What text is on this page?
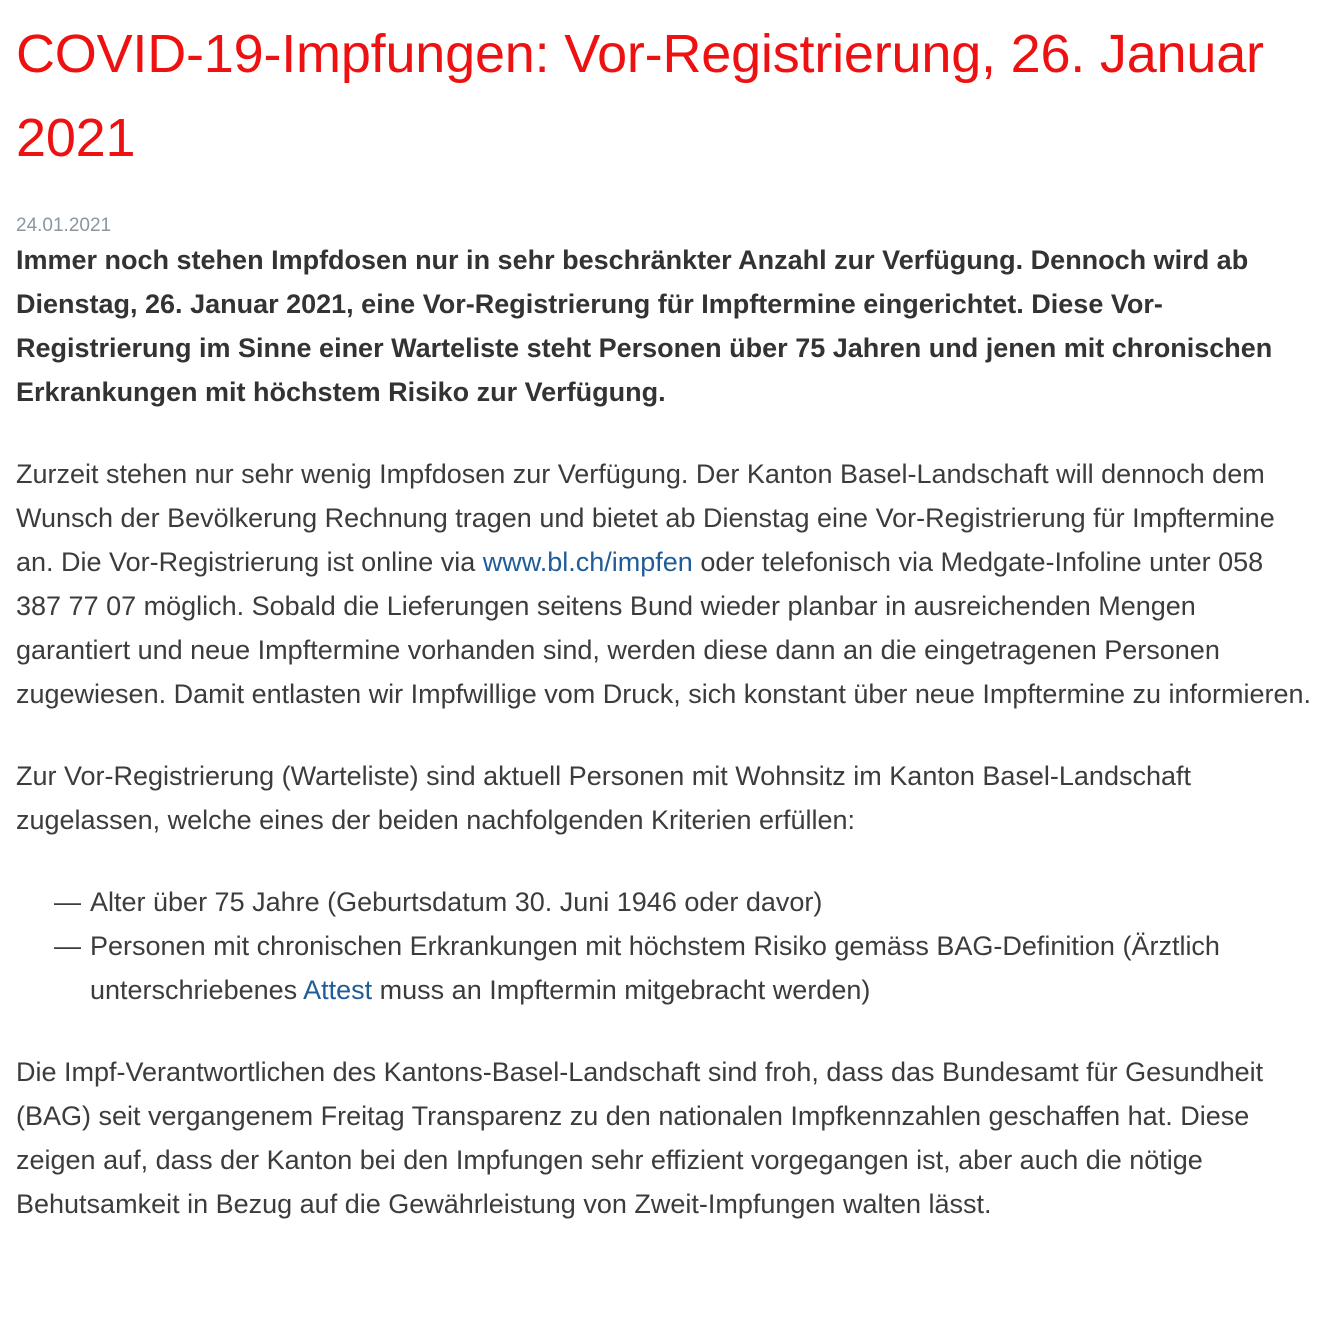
COVID-19-Impfungen: Vor-Registrierung, 26. Januar 2021
24.01.2021

Immer noch stehen Impfdosen nur in sehr beschränkter Anzahl zur Verfügung. Dennoch wird ab Dienstag, 26. Januar 2021, eine Vor-Registrierung für Impftermine eingerichtet. Diese Vor-Registrierung im Sinne einer Warteliste steht Personen über 75 Jahren und jenen mit chronischen Erkrankungen mit höchstem Risiko zur Verfügung.

Zurzeit stehen nur sehr wenig Impfdosen zur Verfügung. Der Kanton Basel-Landschaft will dennoch dem Wunsch der Bevölkerung Rechnung tragen und bietet ab Dienstag eine Vor-Registrierung für Impftermine an. Die Vor-Registrierung ist online via www.bl.ch/impfen oder telefonisch via Medgate-Infoline unter 058 387 77 07 möglich. Sobald die Lieferungen seitens Bund wieder planbar in ausreichenden Mengen garantiert und neue Impftermine vorhanden sind, werden diese dann an die eingetragenen Personen zugewiesen. Damit entlasten wir Impfwillige vom Druck, sich konstant über neue Impftermine zu informieren.

Zur Vor-Registrierung (Warteliste) sind aktuell Personen mit Wohnsitz im Kanton Basel-Landschaft zugelassen, welche eines der beiden nachfolgenden Kriterien erfüllen:

— Alter über 75 Jahre (Geburtsdatum 30. Juni 1946 oder davor)
— Personen mit chronischen Erkrankungen mit höchstem Risiko gemäss BAG-Definition (Ärztlich unterschriebenes Attest muss an Impftermin mitgebracht werden)

Die Impf-Verantwortlichen des Kantons-Basel-Landschaft sind froh, dass das Bundesamt für Gesundheit (BAG) seit vergangenem Freitag Transparenz zu den nationalen Impfkennzahlen geschaffen hat. Diese zeigen auf, dass der Kanton bei den Impfungen sehr effizient vorgegangen ist, aber auch die nötige Behutsamkeit in Bezug auf die Gewährleistung von Zweit-Impfungen walten lässt.
